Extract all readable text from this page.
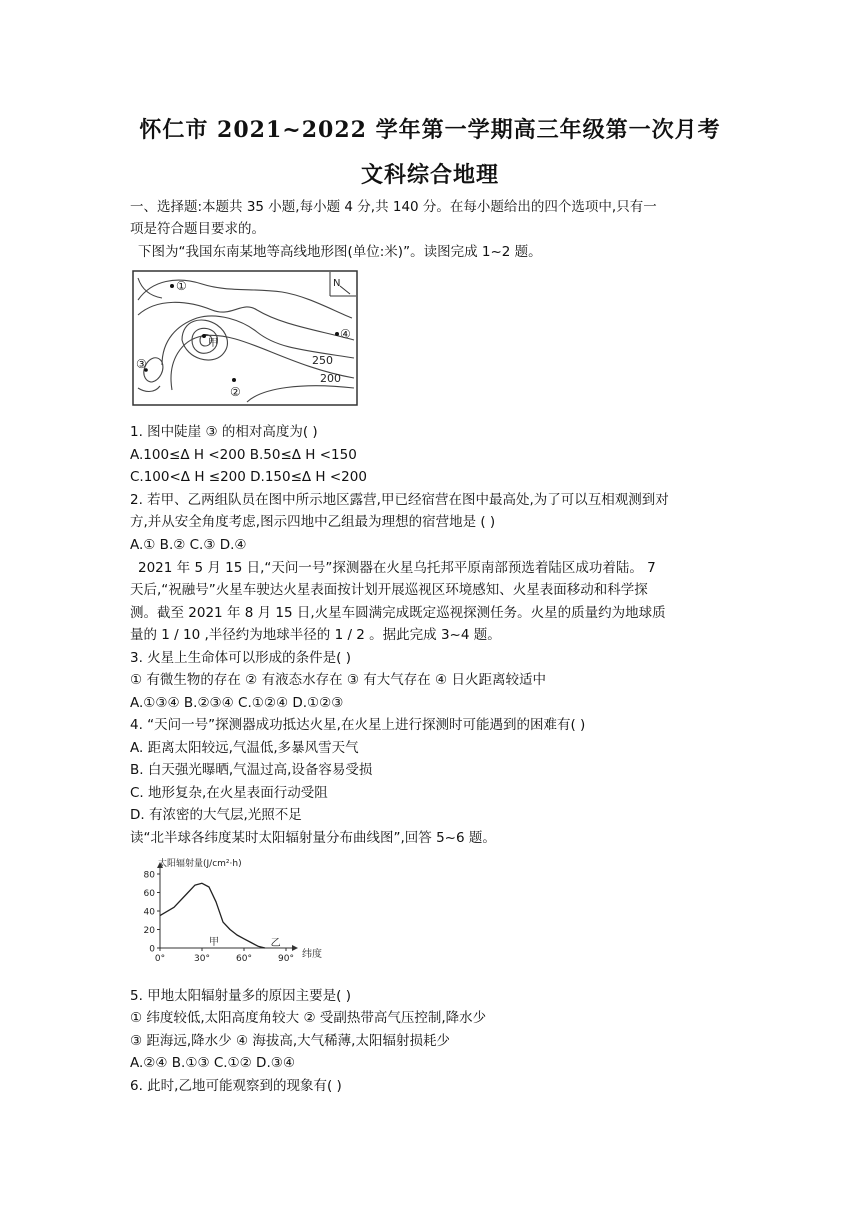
怀仁市 2021~2022 学年第一学期高三年级第一次月考
文科综合地理
一、选择题:本题共 35 小题,每小题 4 分,共 140 分。在每小题给出的四个选项中,只有一
项是符合题目要求的。
下图为“我国东南某地等高线地形图(单位:米)”。读图完成 1~2 题。
N
①
甲
④
③
②
250
200
1. 图中陡崖 ③ 的相对高度为( )
A.100≤Δ H <200 B.50≤Δ H <150
C.100<Δ H ≤200 D.150≤Δ H <200
2. 若甲、乙两组队员在图中所示地区露营,甲已经宿营在图中最高处,为了可以互相观测到对
方,并从安全角度考虑,图示四地中乙组最为理想的宿营地是 ( )
A.① B.② C.③ D.④
2021 年 5 月 15 日,“天问一号”探测器在火星乌托邦平原南部预选着陆区成功着陆。 7
天后,“祝融号”火星车驶达火星表面按计划开展巡视区环境感知、火星表面移动和科学探
测。截至 2021 年 8 月 15 日,火星车圆满完成既定巡视探测任务。火星的质量约为地球质
量的 1 / 10 ,半径约为地球半径的 1 / 2 。据此完成 3~4 题。
3. 火星上生命体可以形成的条件是( )
① 有微生物的存在 ② 有液态水存在 ③ 有大气存在 ④ 日火距离较适中
A.①③④ B.②③④ C.①②④ D.①②③
4. “天问一号”探测器成功抵达火星,在火星上进行探测时可能遇到的困难有( )
A. 距离太阳较远,气温低,多暴风雪天气
B. 白天强光曝晒,气温过高,设备容易受损
C. 地形复杂,在火星表面行动受阻
D. 有浓密的大气层,光照不足
读“北半球各纬度某时太阳辐射量分布曲线图”,回答 5~6 题。
0
20
40
60
80
0°	30°	60°	90°
太阳辐射量(J/cm²·h)
纬度
甲	乙
5. 甲地太阳辐射量多的原因主要是( )
① 纬度较低,太阳高度角较大 ② 受副热带高气压控制,降水少
③ 距海远,降水少 ④ 海拔高,大气稀薄,太阳辐射损耗少
A.②④ B.①③ C.①② D.③④
6. 此时,乙地可能观察到的现象有( )
